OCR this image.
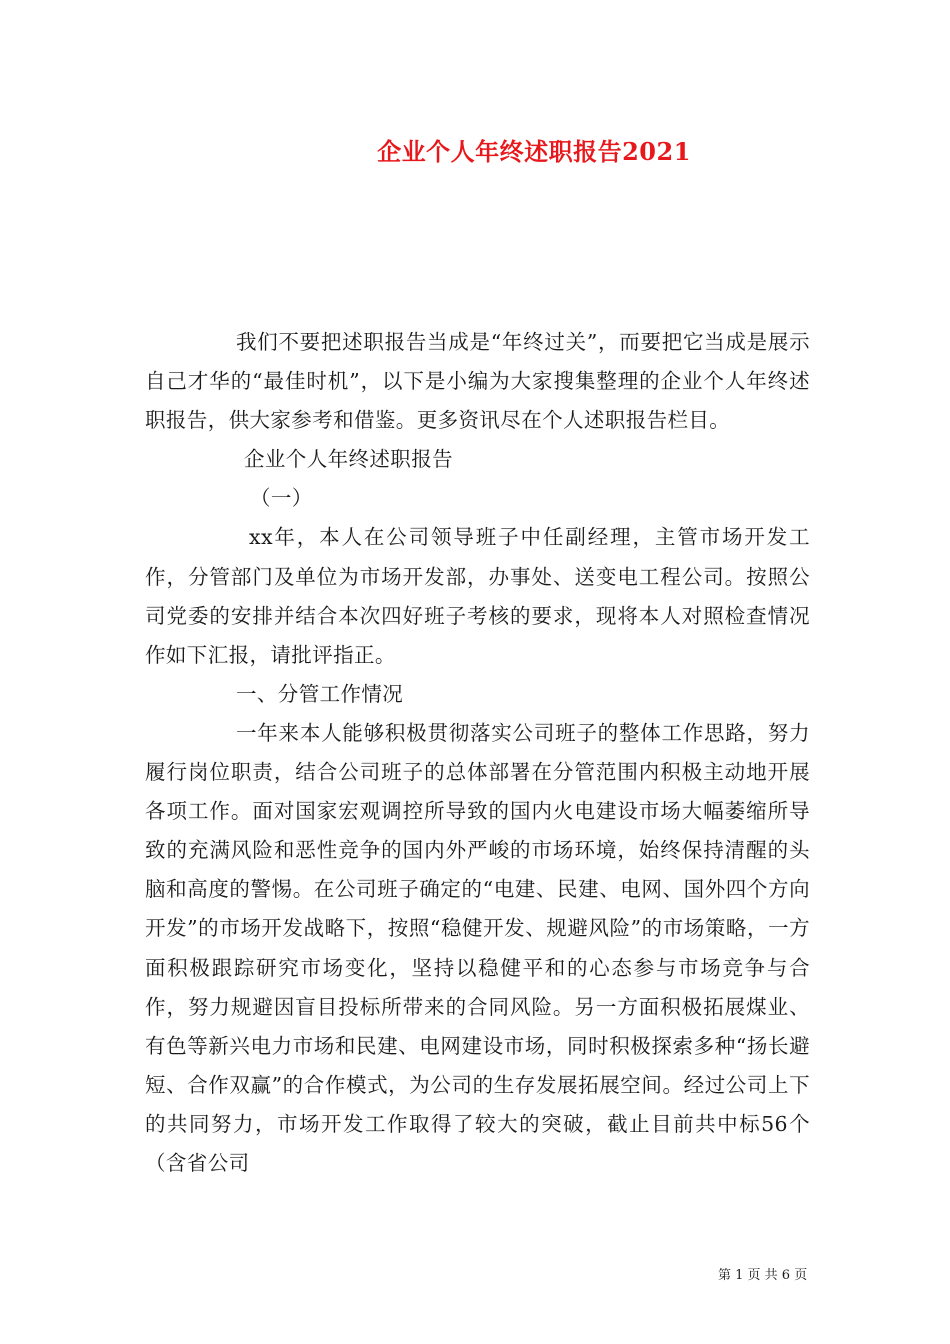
企业个人年终述职报告2021

我们不要把述职报告当成是“年终过关”，而要把它当成是展示自己才华的“最佳时机”，以下是小编为大家搜集整理的企业个人年终述职报告，供大家参考和借鉴。更多资讯尽在个人述职报告栏目。

企业个人年终述职报告

（一）

xx年，本人在公司领导班子中任副经理，主管市场开发工作，分管部门及单位为市场开发部，办事处、送变电工程公司。按照公司党委的安排并结合本次四好班子考核的要求，现将本人对照检查情况作如下汇报，请批评指正。

一、分管工作情况

一年来本人能够积极贯彻落实公司班子的整体工作思路，努力履行岗位职责，结合公司班子的总体部署在分管范围内积极主动地开展各项工作。面对国家宏观调控所导致的国内火电建设市场大幅萎缩所导致的充满风险和恶性竞争的国内外严峻的市场环境，始终保持清醒的头脑和高度的警惕。在公司班子确定的“电建、民建、电网、国外四个方向开发”的市场开发战略下，按照“稳健开发、规避风险”的市场策略，一方面积极跟踪研究市场变化，坚持以稳健平和的心态参与市场竞争与合作，努力规避因盲目投标所带来的合同风险。另一方面积极拓展煤业、有色等新兴电力市场和民建、电网建设市场，同时积极探索多种“扬长避短、合作双赢”的合作模式，为公司的生存发展拓展空间。经过公司上下的共同努力，市场开发工作取得了较大的突破，截止目前共中标56个（含省公司

第 1 页 共 6 页
